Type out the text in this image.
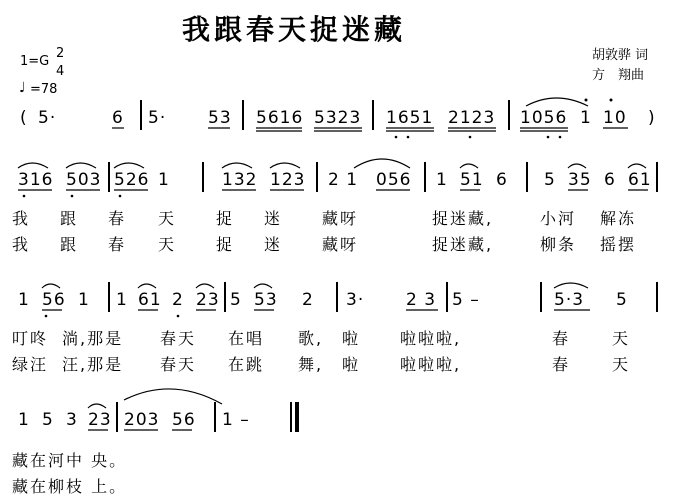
我跟春天捉迷藏
1=G
2
4
♩ =78
胡敦骅 词
方　翔曲
( 5·	6 5· 53 5616 5323 1651 2123 1056 1 10 )
316 503 526 1	132 123 2 1 056 1 51 6 5 35 6 61
我 跟 春 天 捉 迷 藏呀	捉迷藏,	小河 解冻
我 跟 春 天 捉 迷 藏呀	捉迷藏,	柳条 摇摆
1 56 1 1 61 2 23 5 53 2 3· 2 3 5 –	5·3 5
叮咚 淌,那是 春天 在唱 歌, 啦 啦啦啦,	春	天
绿汪 汪,那是 春天 在跳 舞, 啦 啦啦啦,	春	天
1 5 3 23 203 56 1 –
藏在河中 央。
藏在柳枝 上。
